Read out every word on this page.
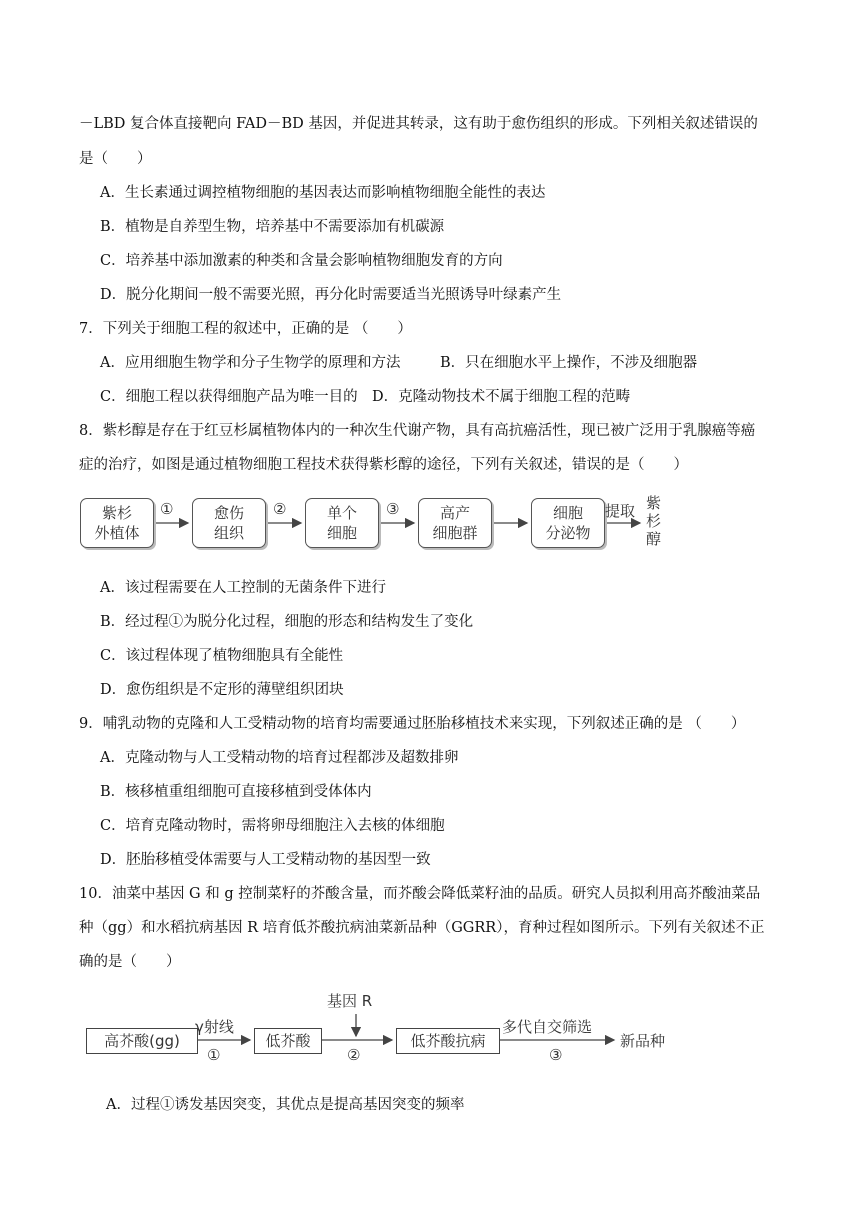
－LBD 复合体直接靶向 FAD－BD 基因，并促进其转录，这有助于愈伤组织的形成。下列相关叙述错误的
是（　　）
A．生长素通过调控植物细胞的基因表达而影响植物细胞全能性的表达
B．植物是自养型生物，培养基中不需要添加有机碳源
C．培养基中添加激素的种类和含量会影响植物细胞发育的方向
D．脱分化期间一般不需要光照，再分化时需要适当光照诱导叶绿素产生
7．下列关于细胞工程的叙述中，正确的是 （　　）
A．应用细胞生物学和分子生物学的原理和方法	B．只在细胞水平上操作，不涉及细胞器
C．细胞工程以获得细胞产品为唯一目的 D．克隆动物技术不属于细胞工程的范畴
8．紫杉醇是存在于红豆杉属植物体内的一种次生代谢产物，具有高抗癌活性，现已被广泛用于乳腺癌等癌
症的治疗，如图是通过植物细胞工程技术获得紫杉醇的途径，下列有关叙述，错误的是（　　）
紫杉
外植体
愈伤
组织
单个
细胞
高产
细胞群
细胞
分泌物
①	②	③	提取 紫
杉
醇
A．该过程需要在人工控制的无菌条件下进行
B．经过程①为脱分化过程，细胞的形态和结构发生了变化
C．该过程体现了植物细胞具有全能性
D．愈伤组织是不定形的薄壁组织团块
9．哺乳动物的克隆和人工受精动物的培育均需要通过胚胎移植技术来实现，下列叙述正确的是 （　　）
A．克隆动物与人工受精动物的培育过程都涉及超数排卵
B．核移植重组细胞可直接移植到受体体内
C．培育克隆动物时，需将卵母细胞注入去核的体细胞
D．胚胎移植受体需要与人工受精动物的基因型一致
10．油菜中基因 G 和 g 控制菜籽的芥酸含量，而芥酸会降低菜籽油的品质。研究人员拟利用高芥酸油菜品
种（gg）和水稻抗病基因 R 培育低芥酸抗病油菜新品种（GGRR），育种过程如图所示。下列有关叙述不正
确的是（　　）
高芥酸(gg)	低芥酸	低芥酸抗病
基因 R
γ射线
①	②
多代自交筛选
③
新品种
A．过程①诱发基因突变，其优点是提高基因突变的频率
